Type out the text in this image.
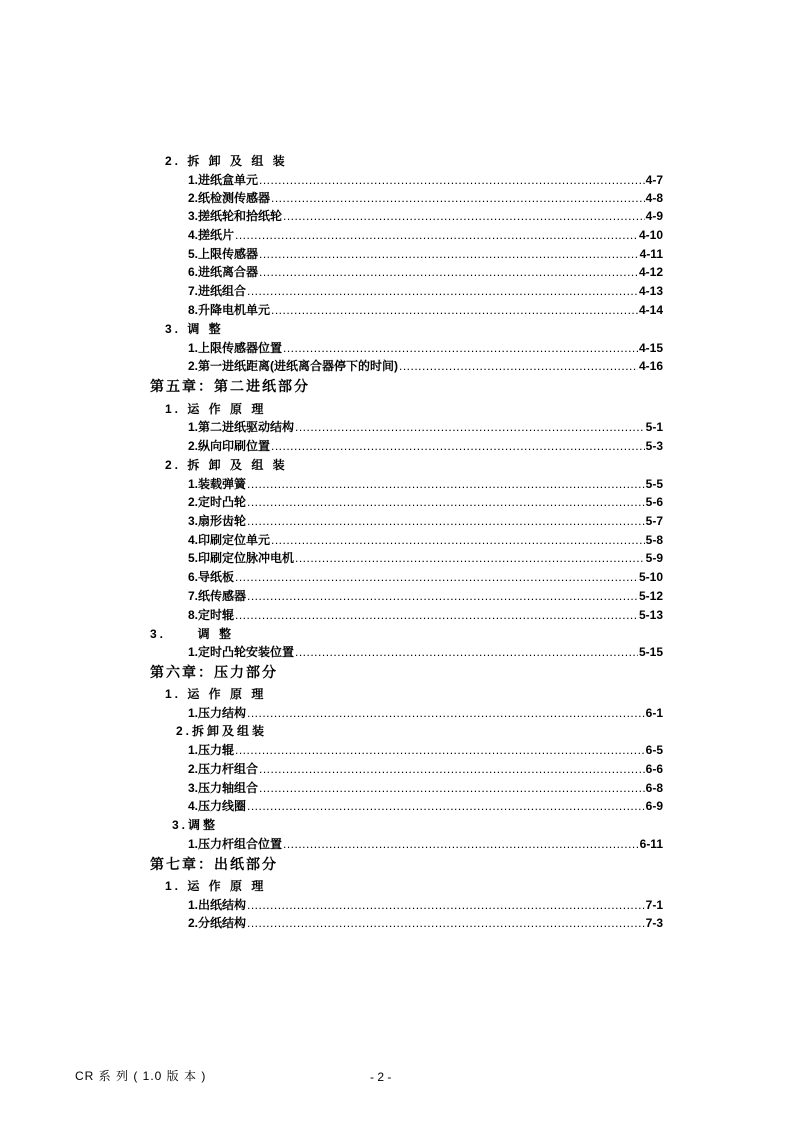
2. 拆 卸 及 组 装
1.进纸盒单元 .....	4-7
2.纸检测传感器 .....	4-8
3.搓纸轮和拾纸轮 .....	4-9
4.搓纸片 .....	4-10
5.上限传感器 .....	4-11
6.进纸离合器 .....	4-12
7.进纸组合 .....	4-13
8.升降电机单元 .....	4-14
3. 调 整
1.上限传感器位置 .....	4-15
2.第一进纸距离(进纸离合器停下的时间) .....	4-16
第五章：第二进纸部分
1. 运 作 原 理
1.第二进纸驱动结构 .....	5-1
2.纵向印刷位置 .....	5-3
2. 拆 卸 及 组 装
1.装载弹簧 .....	5-5
2.定时凸轮 .....	5-6
3.扇形齿轮 .....	5-7
4.印刷定位单元 .....	5-8
5.印刷定位脉冲电机 .....	5-9
6.导纸板 .....	5-10
7.纸传感器 .....	5-12
8.定时辊 .....	5-13
3.     调 整
1.定时凸轮安装位置 .....	5-15
第六章：压力部分
1. 运 作 原 理
1.压力结构 .....	6-1
2.拆卸及组装
1.压力辊 .....	6-5
2.压力杆组合 .....	6-6
3.压力轴组合 .....	6-8
4.压力线圈 .....	6-9
3.调整
1.压力杆组合位置 .....	6-11
第七章：出纸部分
1. 运 作 原 理
1.出纸结构 .....	7-1
2.分纸结构 .....	7-3
CR 系 列 ( 1.0 版 本 )	- 2 -
